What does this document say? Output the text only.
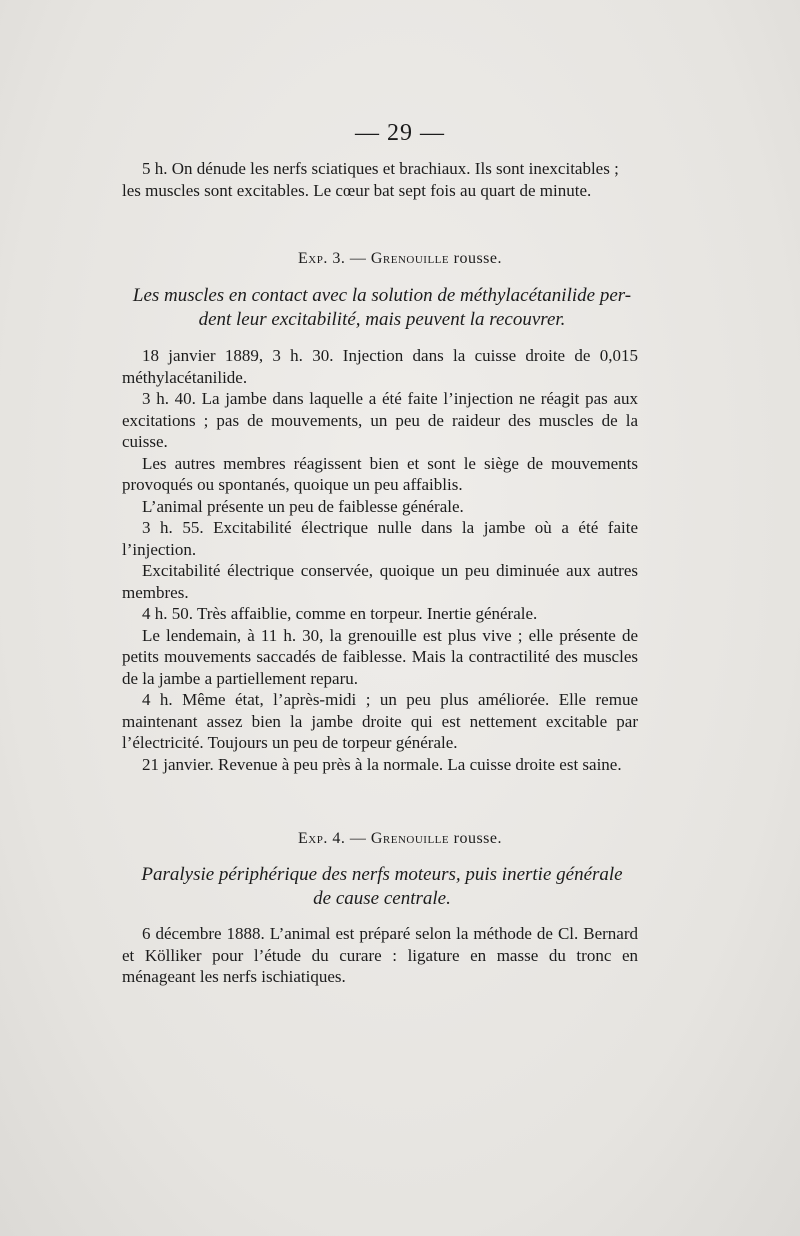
— 29 —

5 h. On dénude les nerfs sciatiques et brachiaux. Ils sont inexcitables ;

les muscles sont excitables. Le cœur bat sept fois au quart de minute.

Exp. 3. — Grenouille rousse.
Les muscles en contact avec la solution de méthylacétanilide per-
dent leur excitabilité, mais peuvent la recouvrer.

18 janvier 1889, 3 h. 30. Injection dans la cuisse droite de 0,015 méthylacétanilide.

3 h. 40. La jambe dans laquelle a été faite l’injection ne réagit pas aux excitations ; pas de mouvements, un peu de raideur des muscles de la cuisse.

Les autres membres réagissent bien et sont le siège de mouvements provoqués ou spontanés, quoique un peu affaiblis.

L’animal présente un peu de faiblesse générale.

3 h. 55. Excitabilité électrique nulle dans la jambe où a été faite l’injection.

Excitabilité électrique conservée, quoique un peu diminuée aux autres membres.

4 h. 50. Très affaiblie, comme en torpeur. Inertie générale.

Le lendemain, à 11 h. 30, la grenouille est plus vive ; elle présente de petits mouvements saccadés de faiblesse. Mais la contractilité des muscles de la jambe a partiellement reparu.

4 h. Même état, l’après-midi ; un peu plus améliorée. Elle remue maintenant assez bien la jambe droite qui est nettement excitable par l’électricité. Toujours un peu de torpeur générale.

21 janvier. Revenue à peu près à la normale. La cuisse droite est saine.

Exp. 4. — Grenouille rousse.
Paralysie périphérique des nerfs moteurs, puis inertie générale
de cause centrale.

6 décembre 1888. L’animal est préparé selon la méthode de Cl. Bernard et Kölliker pour l’étude du curare : ligature en masse du tronc en ménageant les nerfs ischiatiques.
